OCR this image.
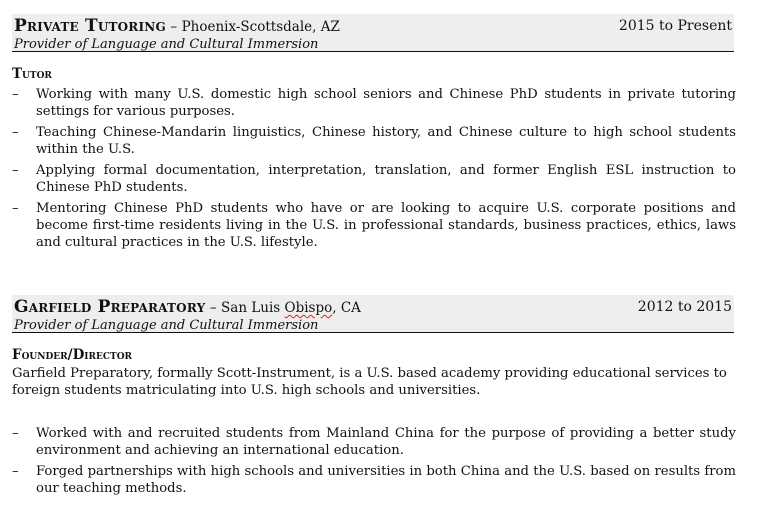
Private Tutoring – Phoenix-Scottsdale, AZ	2015 to Present
Provider of Language and Cultural Immersion
Tutor
– Working with many U.S. domestic high school seniors and Chinese PhD students in private tutoring settings for various purposes.
– Teaching Chinese-Mandarin linguistics, Chinese history, and Chinese culture to high school students within the U.S.
– Applying formal documentation, interpretation, translation, and former English ESL instruction to Chinese PhD students.
– Mentoring Chinese PhD students who have or are looking to acquire U.S. corporate positions and become first-time residents living in the U.S. in professional standards, business practices, ethics, laws and cultural practices in the U.S. lifestyle.
Garfield Preparatory – San Luis Obispo, CA	2012 to 2015
Provider of Language and Cultural Immersion
Founder/Director
Garfield Preparatory, formally Scott-Instrument, is a U.S. based academy providing educational services to foreign students matriculating into U.S. high schools and universities.
– Worked with and recruited students from Mainland China for the purpose of providing a better study environment and achieving an international education.
– Forged partnerships with high schools and universities in both China and the U.S. based on results from our teaching methods.
